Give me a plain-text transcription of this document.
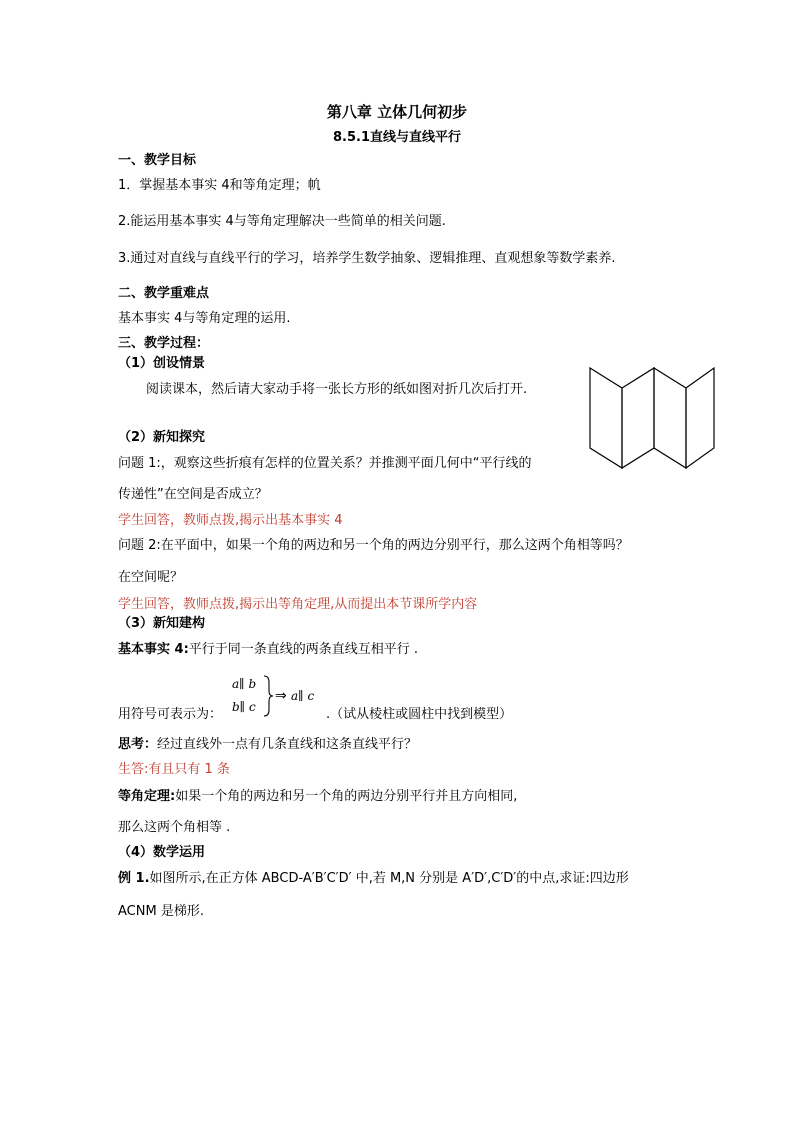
第八章 立体几何初步
8.5.1直线与直线平行
一、教学目标
1．掌握基本事实 4和等角定理；㠶
2.能运用基本事实 4与等角定理解决一些简单的相关问题.
3.通过对直线与直线平行的学习，培养学生数学抽象、逻辑推理、直观想象等数学素养.
二、教学重难点
基本事实 4与等角定理的运用.
三、教学过程：
（1）创设情景
阅读课本，然后请大家动手将一张长方形的纸如图对折几次后打开.
（2）新知探究
问题 1:，观察这些折痕有怎样的位置关系？并推测平面几何中“平行线的
传递性”在空间是否成立？
学生回答，教师点拨,揭示出基本事实 4
问题 2:在平面中，如果一个角的两边和另一个角的两边分别平行，那么这两个角相等吗？
在空间呢？
学生回答，教师点拨,揭示出等角定理,从而提出本节课所学内容
（3）新知建构
基本事实 4:平行于同一条直线的两条直线互相平行 .
用符号可表示为：
a∥ b
b∥ c
⇒ a∥ c
.（试从棱柱或圆柱中找到模型）
思考：经过直线外一点有几条直线和这条直线平行？
生答:有且只有 1 条
等角定理:如果一个角的两边和另一个角的两边分别平行并且方向相同,
那么这两个角相等 .
（4）数学运用
例 1.如图所示,在正方体 ABCD-A′B′C′D′ 中,若 M,N 分别是 A′D′,C′D′的中点,求证:四边形
ACNM 是梯形.
